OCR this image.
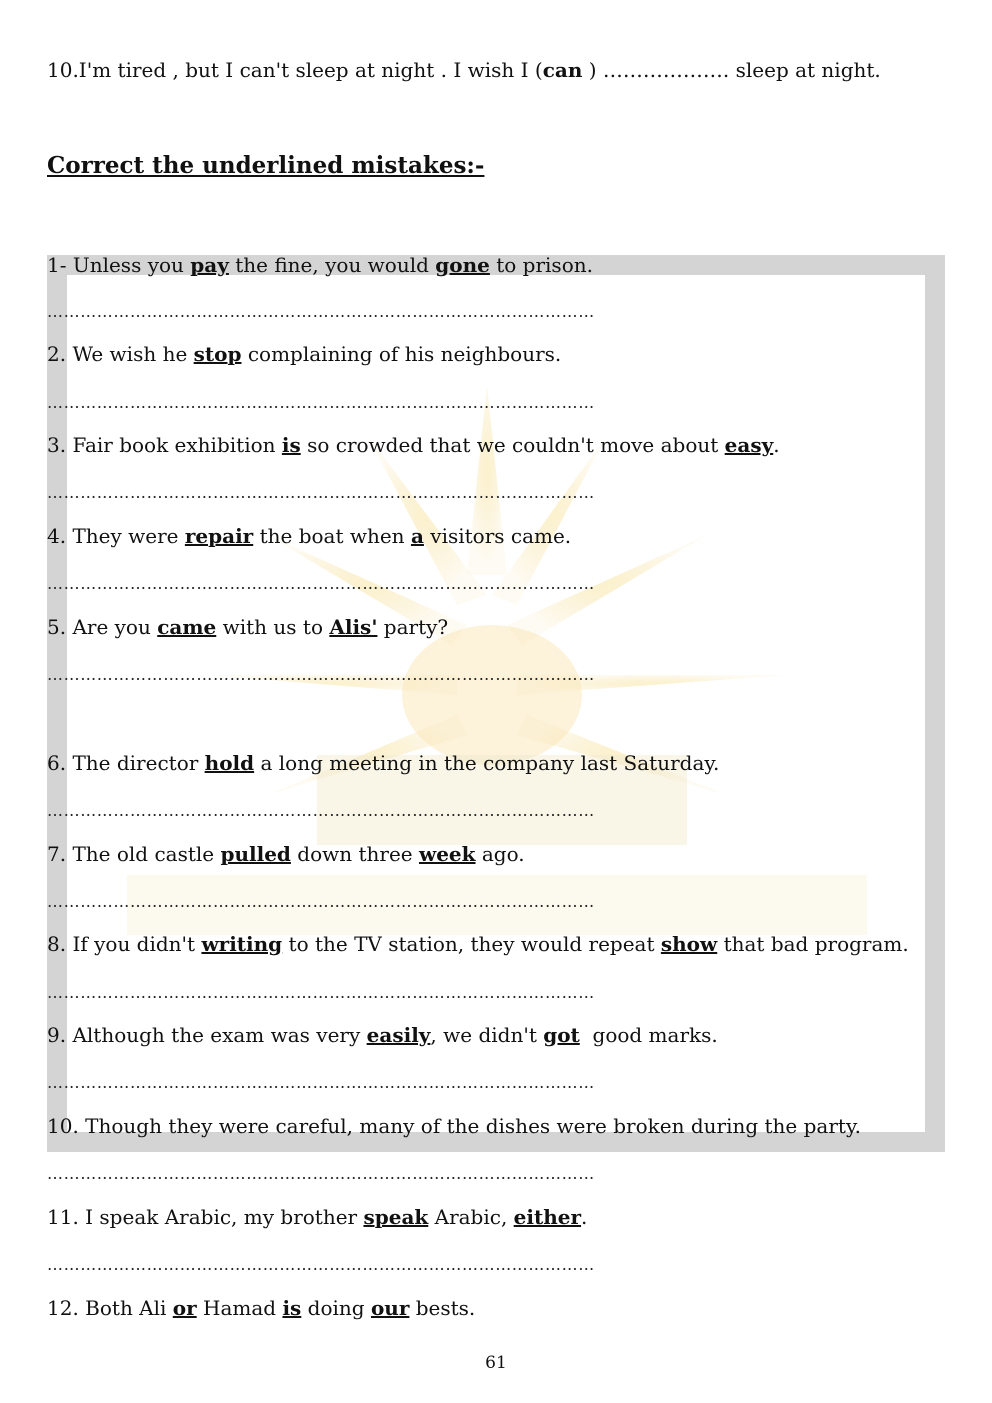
10.I'm tired , but I can't sleep at night . I wish I (can ) ………………. sleep at night.
Correct the underlined mistakes:-
1- Unless you pay the fine, you would gone to prison.
………………………………………………………………………………………
2. We wish he stop complaining of his neighbours.
………………………………………………………………………………………
3. Fair book exhibition is so crowded that we couldn't move about easy.
………………………………………………………………………………………
4. They were repair the boat when a visitors came.
………………………………………………………………………………………
5. Are you came with us to Alis' party?
………………………………………………………………………………………
6. The director hold a long meeting in the company last Saturday.
………………………………………………………………………………………
7. The old castle pulled down three week ago.
………………………………………………………………………………………
8. If you didn't writing to the TV station, they would repeat show that bad program.
………………………………………………………………………………………
9. Although the exam was very easily, we didn't got  good marks.
………………………………………………………………………………………
10. Though they were careful, many of the dishes were broken during the party.
………………………………………………………………………………………
11. I speak Arabic, my brother speak Arabic, either.
………………………………………………………………………………………
12. Both Ali or Hamad is doing our bests.
61
